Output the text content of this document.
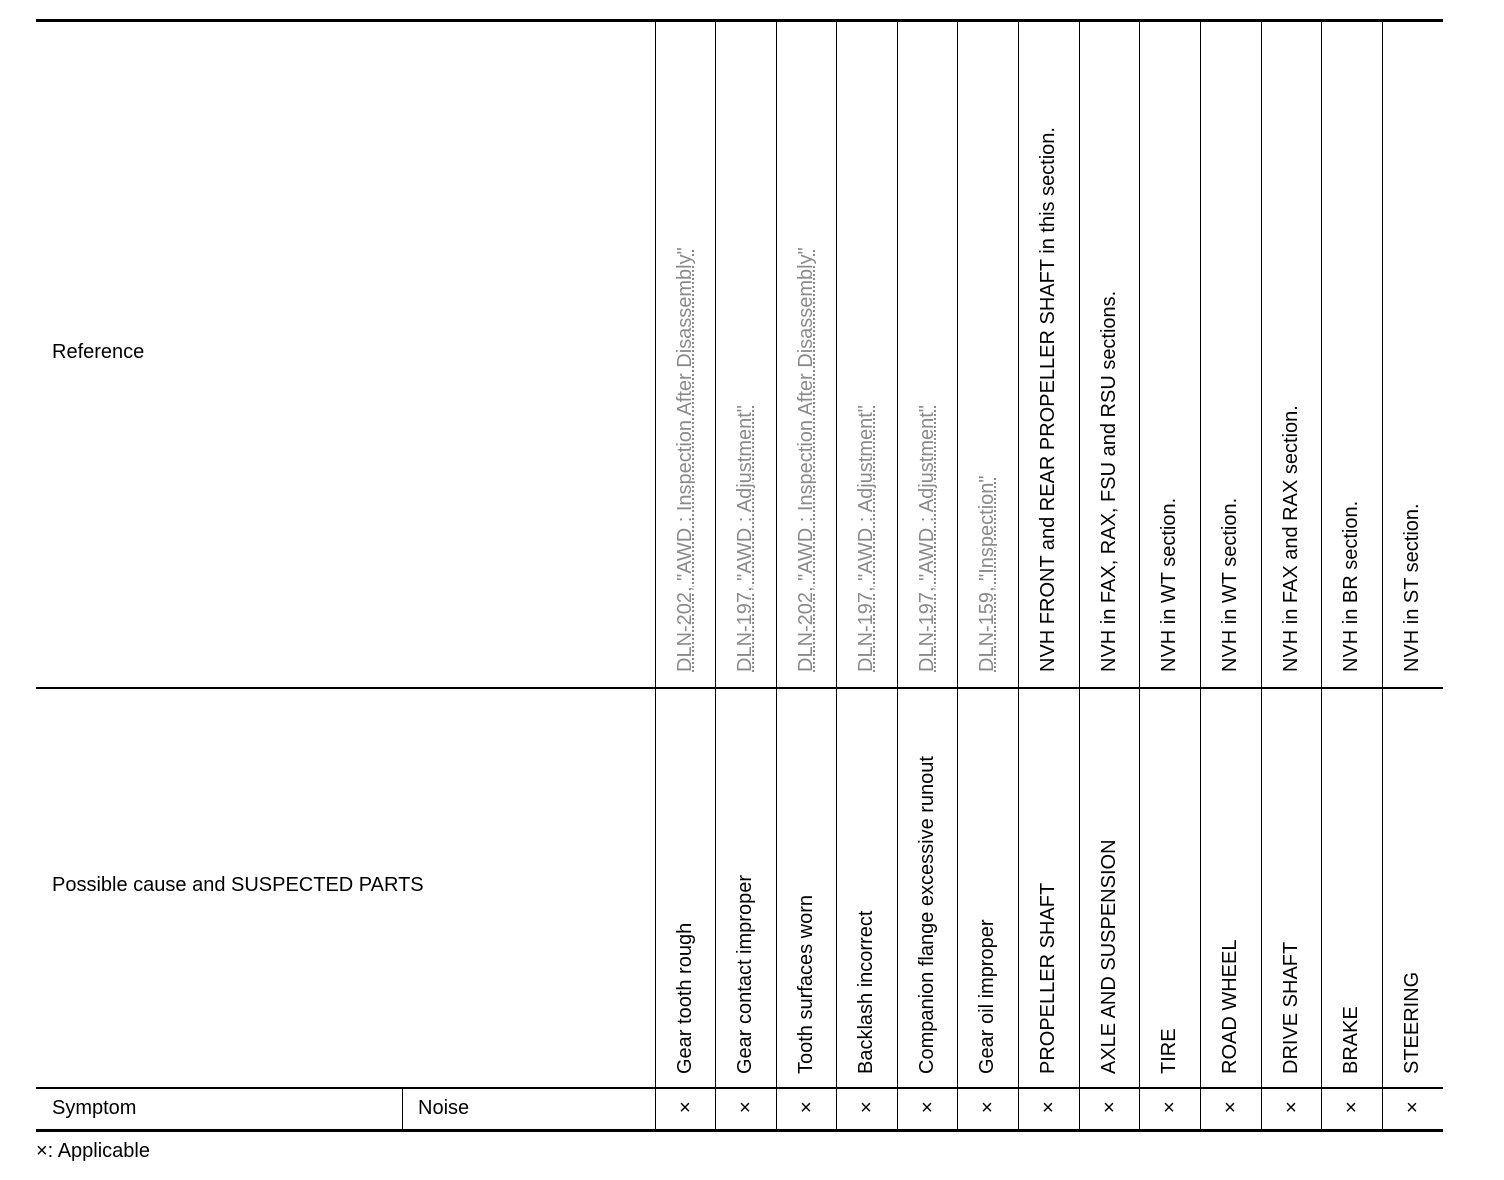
Reference
Possible cause and SUSPECTED PARTS
Symptom	Noise
Gear tooth rough
DLN-202, "AWD : Inspection After Disassembly"
×
Gear contact improper
DLN-197, "AWD : Adjustment"
×
Tooth surfaces worn
DLN-202, "AWD : Inspection After Disassembly"
×
Backlash incorrect
DLN-197, "AWD : Adjustment"
×
Companion flange excessive runout
DLN-197, "AWD : Adjustment"
×
Gear oil improper
DLN-159, "Inspection"
×
PROPELLER SHAFT
NVH FRONT and REAR PROPELLER SHAFT in this section.
×
AXLE AND SUSPENSION
NVH in FAX, RAX, FSU and RSU sections.
×
TIRE
NVH in WT section.
×
ROAD WHEEL
NVH in WT section.
×
DRIVE SHAFT
NVH in FAX and RAX section.
×
BRAKE
NVH in BR section.
×
STEERING
NVH in ST section.
×
×: Applicable
